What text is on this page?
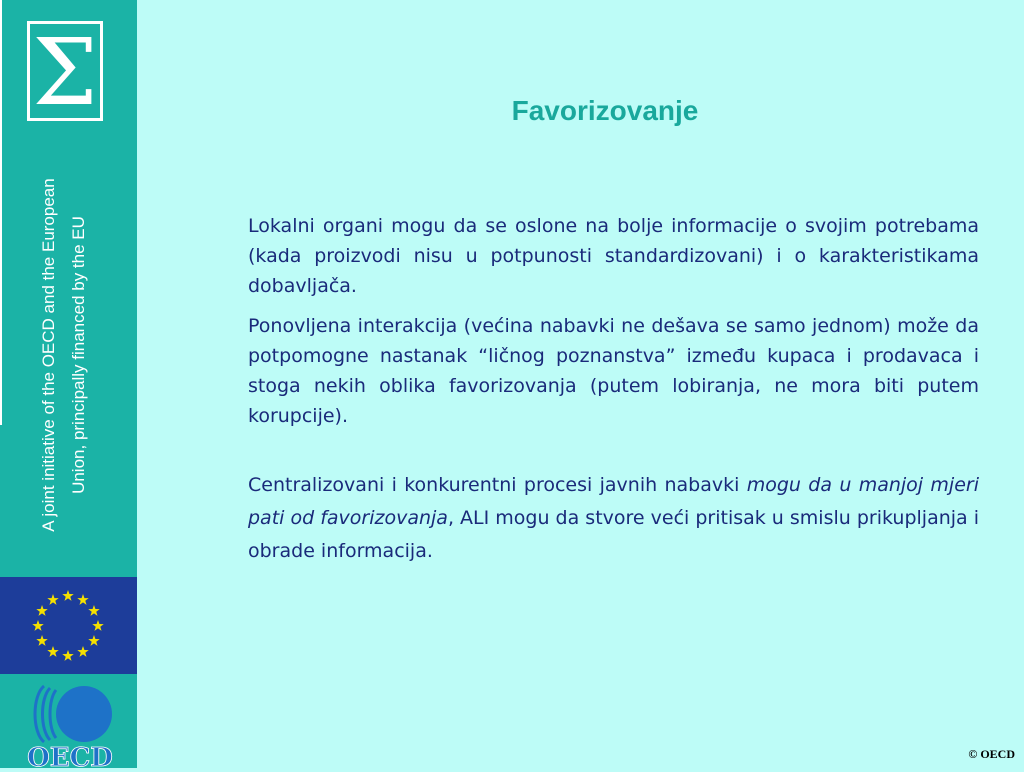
Σ
A joint initiative of the OECD and the European Union, principally financed by the EU
OECD
Favorizovanje

Lokalni organi mogu da se oslone na bolje informacije o svojim potrebama (kada proizvodi nisu u potpunosti standardizovani) i o karakteristikama dobavljača.

Ponovljena interakcija (većina nabavki ne dešava se samo jednom) može da potpomogne nastanak “ličnog poznanstva” između kupaca i prodavaca i stoga nekih oblika favorizovanja (putem lobiranja, ne mora biti putem korupcije).

Centralizovani i konkurentni procesi javnih nabavki mogu da u manjoj mjeri pati od favorizovanja, ALI mogu da stvore veći pritisak u smislu prikupljanja i obrade informacija.

© OECD
